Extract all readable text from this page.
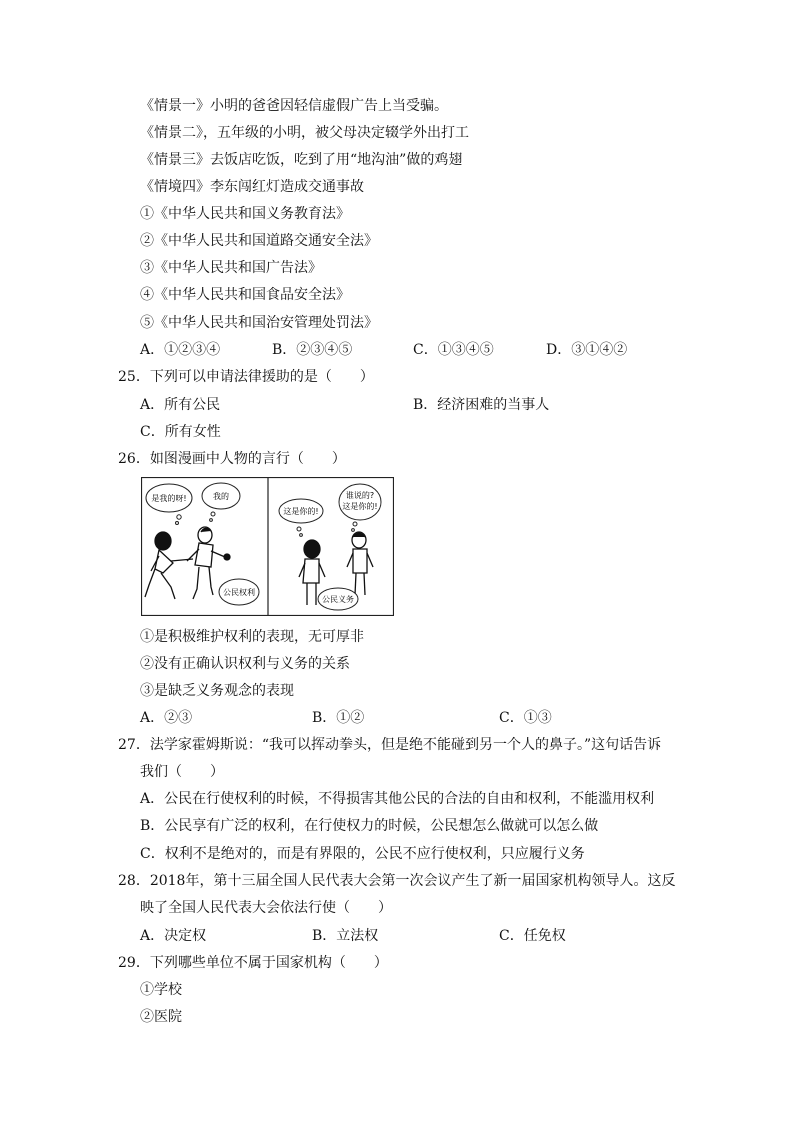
《情景一》小明的爸爸因轻信虚假广告上当受骗。
《情景二》，五年级的小明，被父母决定辍学外出打工
《情景三》去饭店吃饭，吃到了用“地沟油”做的鸡翅
《情境四》李东闯红灯造成交通事故
①《中华人民共和国义务教育法》
②《中华人民共和国道路交通安全法》
③《中华人民共和国广告法》
④《中华人民共和国食品安全法》
⑤《中华人民共和国治安管理处罚法》
A．①②③④	B．②③④⑤	C．①③④⑤	D．③①④②
25．下列可以申请法律援助的是（　　）
A．所有公民	B．经济困难的当事人
C．所有女性
26．如图漫画中人物的言行（　　）
是我的呀!	我的
公民权利
这是你的!
谁说的?
这是你的!
公民义务
①是积极维护权利的表现，无可厚非
②没有正确认识权利与义务的关系
③是缺乏义务观念的表现
A．②③	B．①②	C．①③
27．法学家霍姆斯说：“我可以挥动拳头，但是绝不能碰到另一个人的鼻子。”这句话告诉
我们（　　）
A．公民在行使权利的时候，不得损害其他公民的合法的自由和权利，不能滥用权利
B．公民享有广泛的权利，在行使权力的时候，公民想怎么做就可以怎么做
C．权利不是绝对的，而是有界限的，公民不应行使权利，只应履行义务
28．2018年，第十三届全国人民代表大会第一次会议产生了新一届国家机构领导人。这反
映了全国人民代表大会依法行使（　　）
A．决定权	B．立法权	C．任免权
29．下列哪些单位不属于国家机构（　　）
①学校
②医院
